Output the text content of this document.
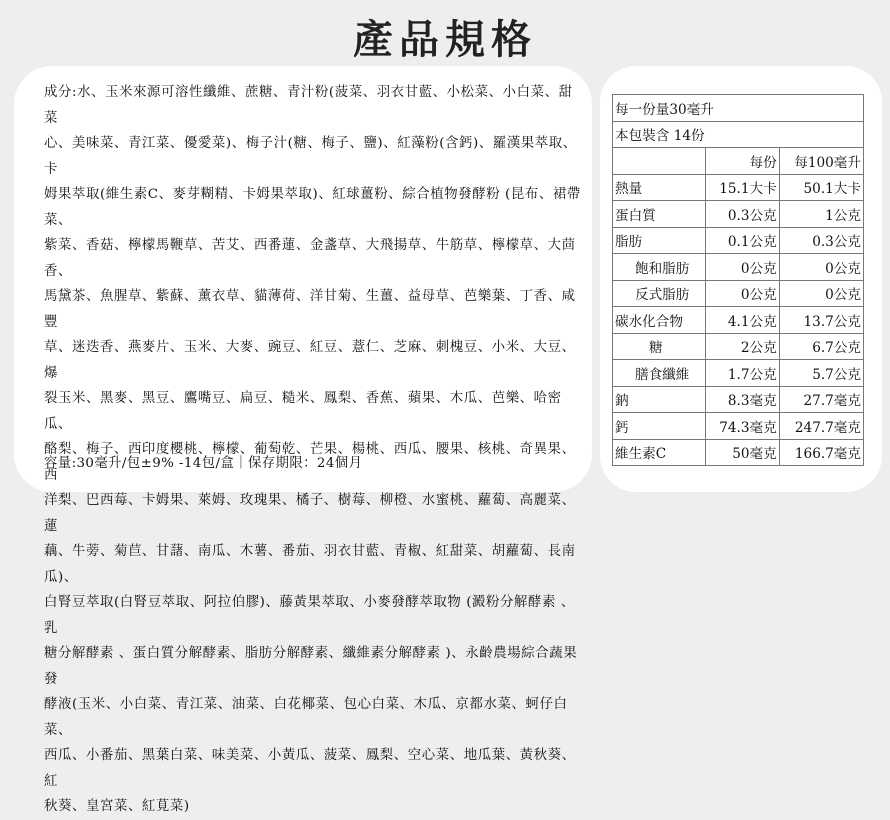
產品規格
成分:水、玉米來源可溶性纖維、蔗糖、青汁粉(菠菜、羽衣甘藍、小松菜、小白菜、甜菜
心、美味菜、青江菜、優愛菜)、梅子汁(糖、梅子、鹽)、紅藻粉(含鈣)、羅漢果萃取、卡
姆果萃取(維生素C、麥芽糊精、卡姆果萃取)、紅球薑粉、綜合植物發酵粉 (昆布、裙帶菜、
紫菜、香菇、檸檬馬鞭草、苦艾、西番蓮、金盞草、大飛揚草、牛筋草、檸檬草、大茴香、
馬黛茶、魚腥草、紫蘇、薰衣草、貓薄荷、洋甘菊、生薑、益母草、芭樂葉、丁香、咸豐
草、迷迭香、燕麥片、玉米、大麥、豌豆、紅豆、薏仁、芝麻、刺槐豆、小米、大豆、爆
裂玉米、黑麥、黑豆、鷹嘴豆、扁豆、糙米、鳳梨、香蕉、蘋果、木瓜、芭樂、哈密瓜、
酪梨、梅子、西印度櫻桃、檸檬、葡萄乾、芒果、楊桃、西瓜、腰果、核桃、奇異果、西
洋梨、巴西莓、卡姆果、萊姆、玫瑰果、橘子、樹莓、柳橙、水蜜桃、蘿蔔、高麗菜、蓮
藕、牛蒡、菊苣、甘藷、南瓜、木薯、番茄、羽衣甘藍、青椒、紅甜菜、胡蘿蔔、長南瓜)、
白腎豆萃取(白腎豆萃取、阿拉伯膠)、藤黃果萃取、小麥發酵萃取物 (澱粉分解酵素 、乳
糖分解酵素 、蛋白質分解酵素、脂肪分解酵素、纖維素分解酵素 )、永齡農場綜合蔬果發
酵液(玉米、小白菜、青江菜、油菜、白花椰菜、包心白菜、木瓜、京都水菜、蚵仔白菜、
西瓜、小番茄、黑葉白菜、味美菜、小黃瓜、菠菜、鳳梨、空心菜、地瓜葉、黃秋葵、紅
秋葵、皇宮菜、紅莧菜)
容量:30毫升/包±9% -14包/盒｜保存期限：24個月
每一份量30毫升		
本包裝含 14份		
	每份	每100毫升
熱量	15.1大卡	50.1大卡
蛋白質	0.3公克	1公克
脂肪	0.1公克	0.3公克
飽和脂肪	0公克	0公克
反式脂肪	0公克	0公克
碳水化合物	4.1公克	13.7公克
糖	2公克	6.7公克
膳食纖維	1.7公克	5.7公克
鈉	8.3毫克	27.7毫克
鈣	74.3毫克	247.7毫克
維生素C	50毫克	166.7毫克
